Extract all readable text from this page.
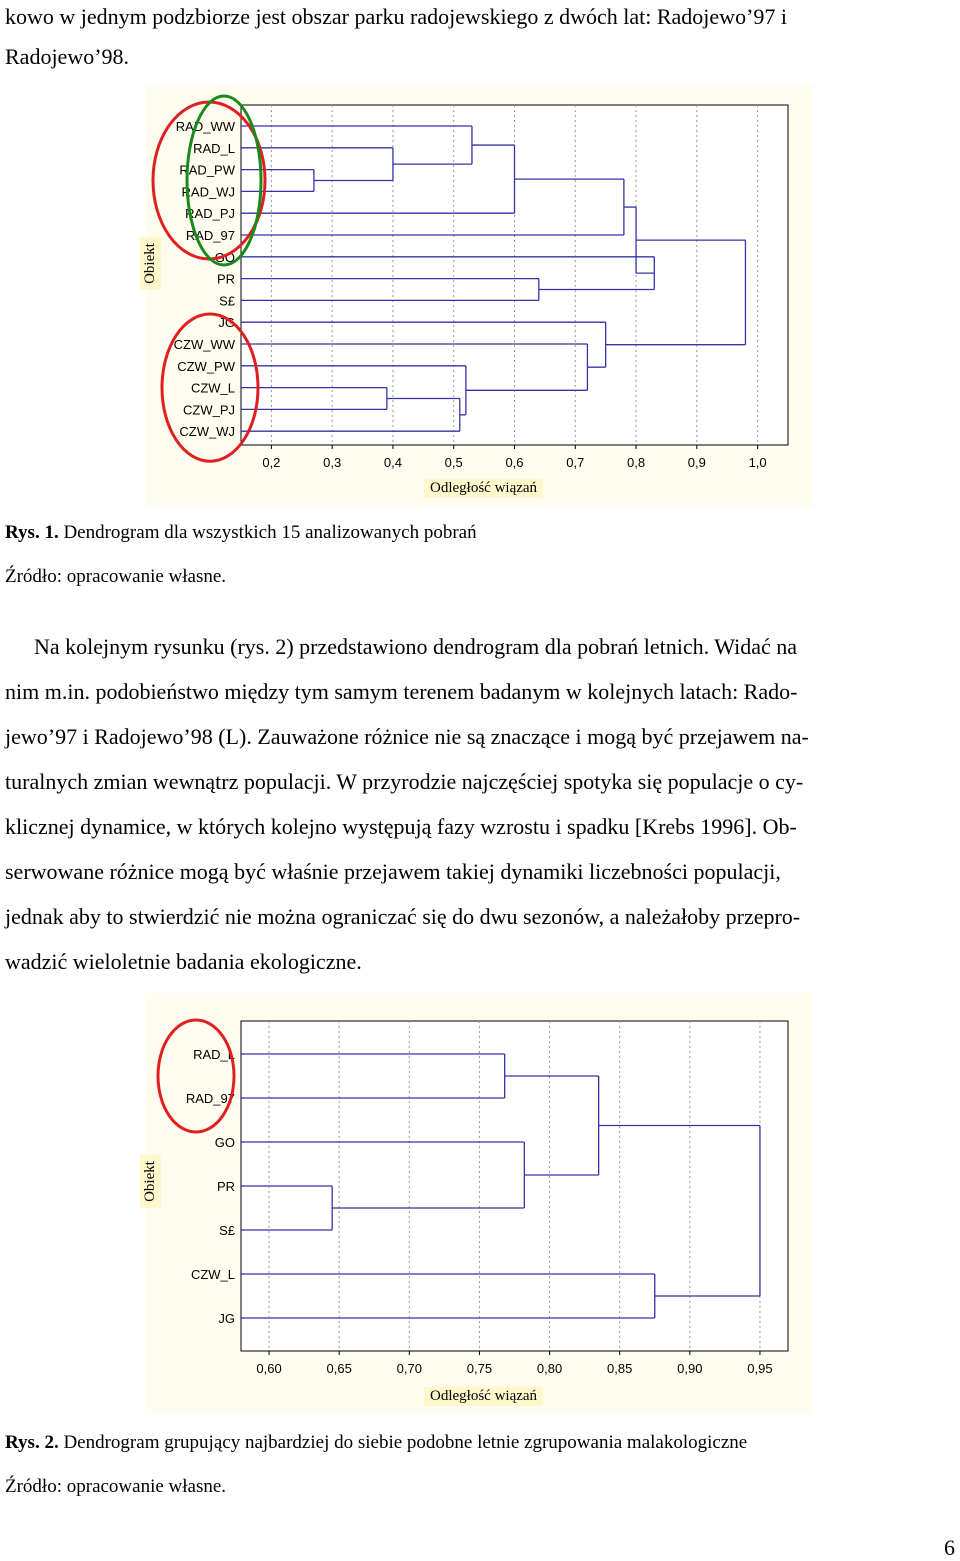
kowo w jednym podzbiorze jest obszar parku radojewskiego z dwóch lat: Radojewo’97 i
Radojewo’98.
0,2	0,3	0,4	0,5	0,6	0,7	0,8	0,9	1,0
RAD_WW
RAD_L
RAD_PW
RAD_WJ
RAD_PJ
RAD_97
GO
PR
S£
JG
CZW_WW
CZW_PW
CZW_L
CZW_PJ
CZW_WJ
Obiekt
Odległość wiązań
Rys. 1. Dendrogram dla wszystkich 15 analizowanych pobrań
Źródło: opracowanie własne.
Na kolejnym rysunku (rys. 2) przedstawiono dendrogram dla pobrań letnich. Widać na
nim m.in. podobieństwo między tym samym terenem badanym w kolejnych latach: Rado-
jewo’97 i Radojewo’98 (L). Zauważone różnice nie są znaczące i mogą być przejawem na-
turalnych zmian wewnątrz populacji. W przyrodzie najczęściej spotyka się populacje o cy-
klicznej dynamice, w których kolejno występują fazy wzrostu i spadku [Krebs 1996]. Ob-
serwowane różnice mogą być właśnie przejawem takiej dynamiki liczebności populacji,
jednak aby to stwierdzić nie można ograniczać się do dwu sezonów, a należałoby przepro-
wadzić wieloletnie badania ekologiczne.
0,60	0,65	0,70	0,75	0,80	0,85	0,90	0,95
RAD_L
RAD_97
GO
PR
S£
CZW_L
JG
Obiekt
Odległość wiązań
Rys. 2. Dendrogram grupujący najbardziej do siebie podobne letnie zgrupowania malakologiczne
Źródło: opracowanie własne.
6
